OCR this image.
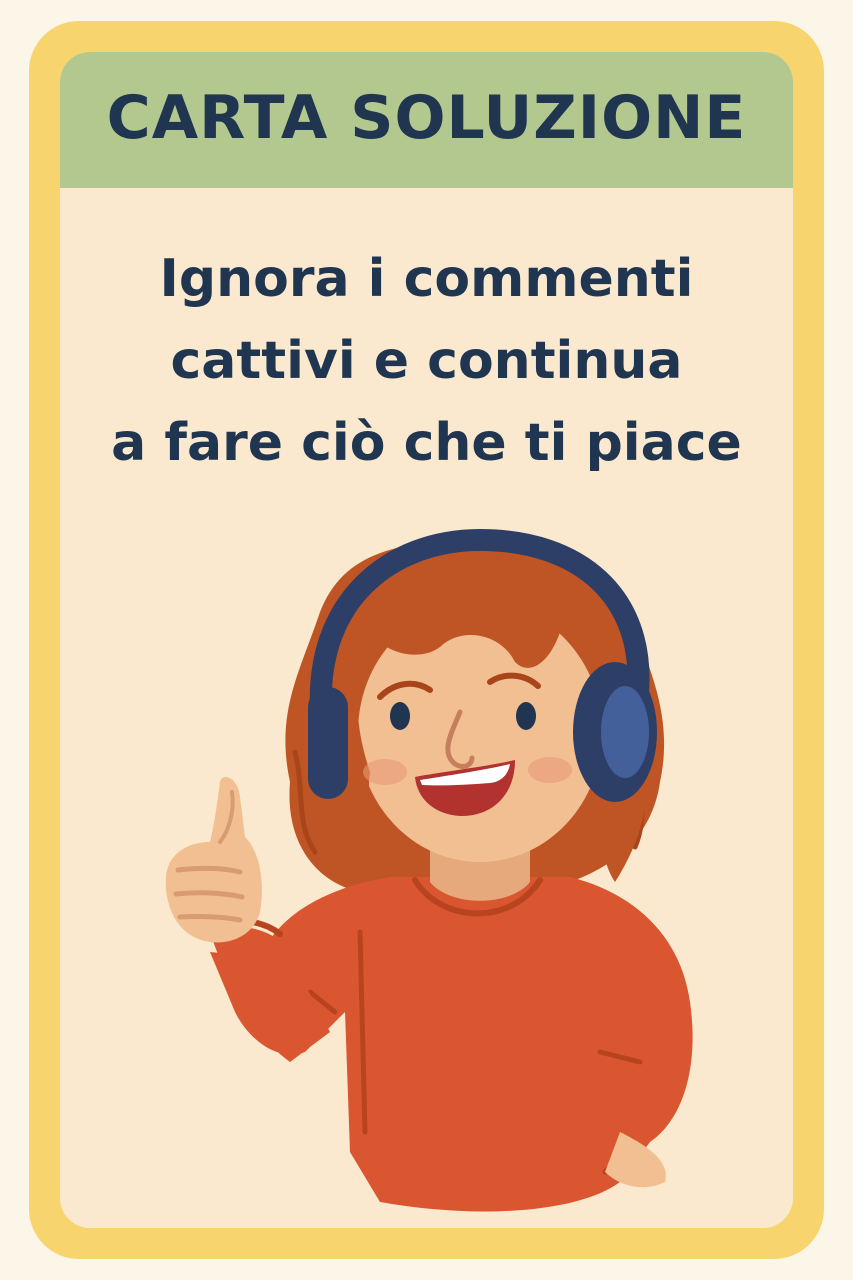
CARTA SOLUZIONE
Ignora i commenti
cattivi e continua
a fare ciò che ti piace
